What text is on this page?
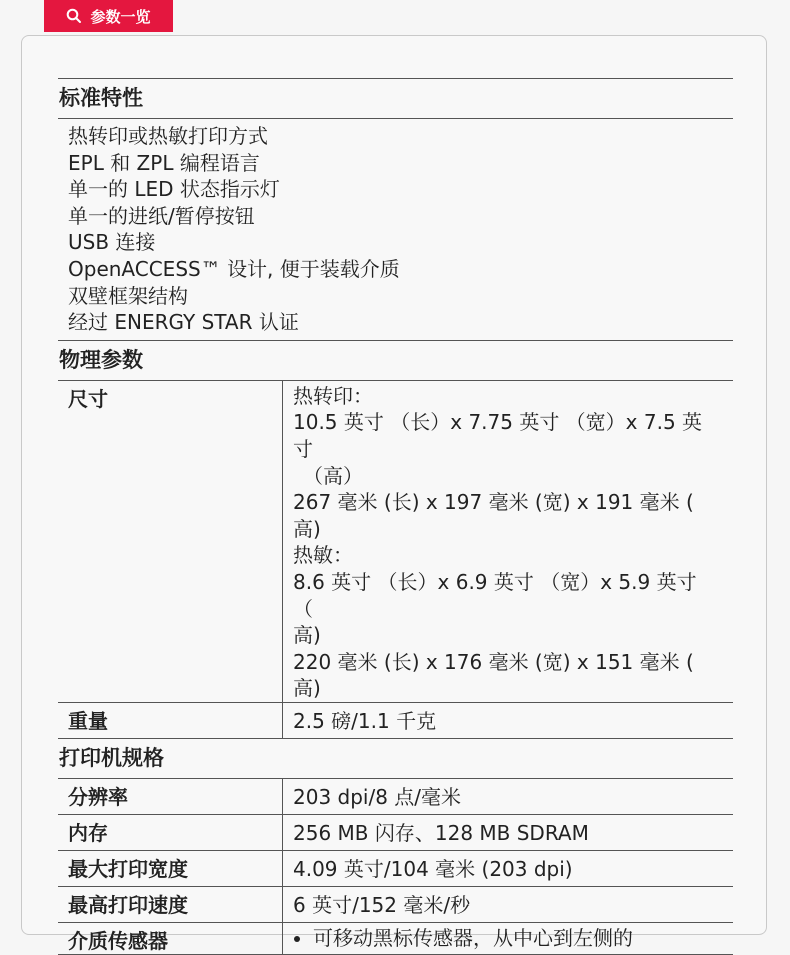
参数一览
标准特性
热转印或热敏打印方式
EPL 和 ZPL 编程语言
单一的 LED 状态指示灯
单一的进纸/暂停按钮
USB 连接
OpenACCESS™ 设计, 便于装载介质
双壁框架结构
经过 ENERGY STAR 认证
物理参数
尺寸	热转印：
10.5 英寸 （长）x 7.75 英寸 （宽）x 7.5 英寸
（高）
267 毫米 (长) x 197 毫米 (宽) x 191 毫米 (
高)
热敏：
8.6 英寸 （长）x 6.9 英寸 （宽）x 5.9 英寸 （
高)
220 毫米 (长) x 176 毫米 (宽) x 151 毫米 (
高)
重量	2.5 磅/1.1 千克
打印机规格
分辨率	203 dpi/8 点/毫米
内存	256 MB 闪存、128 MB SDRAM
最大打印宽度	4.09 英寸/104 毫米 (203 dpi)
最高打印速度	6 英寸/152 毫米/秒
介质传感器
•	可移动黑标传感器，从中心到左侧的
